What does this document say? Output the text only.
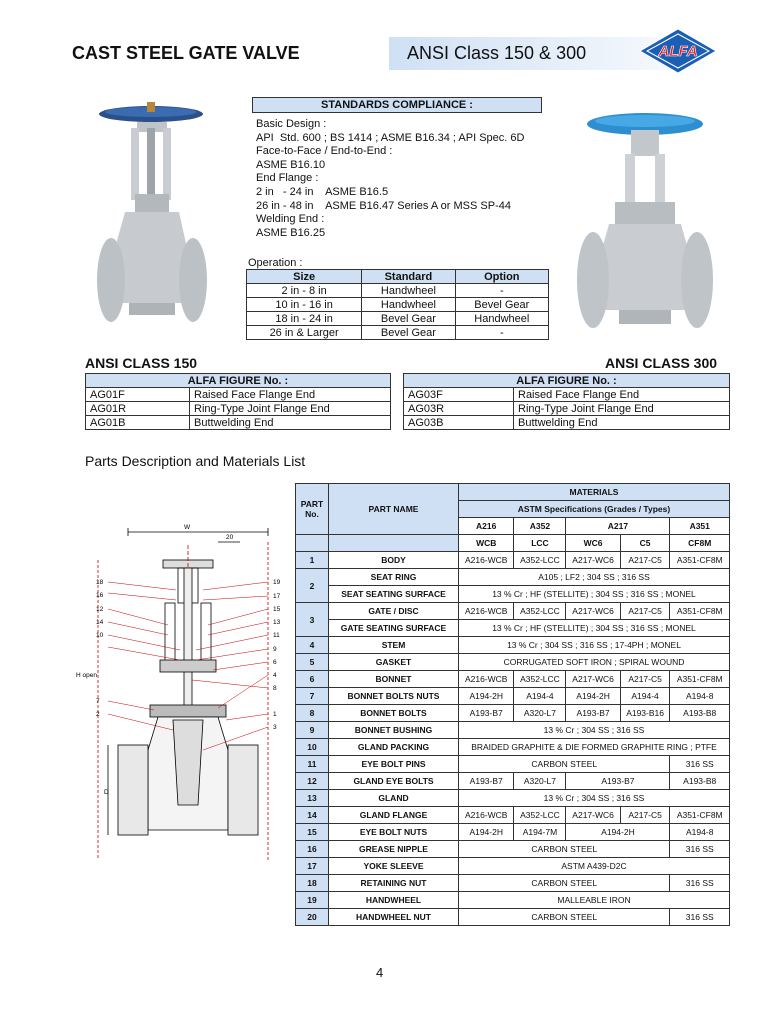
CAST STEEL GATE VALVE	ANSI Class 150 & 300	ALFA
STANDARDS COMPLIANCE :
Basic Design :
API  Std. 600 ; BS 1414 ; ASME B16.34 ; API Spec. 6D
Face-to-Face / End-to-End :
ASME B16.10
End Flange :
2 in   - 24 in    ASME B16.5
26 in - 48 in    ASME B16.47 Series A or MSS SP-44
Welding End :
ASME B16.25
Operation :
Size	Standard	Option
2 in - 8 in	Handwheel	-
10 in - 16 in	Handwheel	Bevel Gear
18 in - 24 in	Bevel Gear	Handwheel
26 in & Larger	Bevel Gear	-
ANSI CLASS 150	ANSI CLASS 300
ALFA FIGURE No. :	
AG01F	Raised Face Flange End
AG01R	Ring-Type Joint Flange End
AG01B	Buttwelding End
ALFA FIGURE No. :	
AG03F	Raised Face Flange End
AG03R	Ring-Type Joint Flange End
AG03B	Buttwelding End
Parts Description and Materials List
W
20
H open
D
18
16
12
14
10
7
2
19
17
15
13
11
9
6
4
8
1
3
PART No.	PART NAME	MATERIALS				
		ASTM Specifications (Grades / Types)				
		A216	A352	A217		A351
		WCB	LCC	WC6	C5	CF8M
1	BODY	A216-WCB	A352-LCC	A217-WC6	A217-C5	A351-CF8M
2	SEAT RING	A105 ; LF2 ; 304 SS ; 316 SS				
	SEAT SEATING SURFACE	13 % Cr ; HF (STELLITE) ; 304 SS ; 316 SS ; MONEL				
3	GATE / DISC	A216-WCB	A352-LCC	A217-WC6	A217-C5	A351-CF8M
	GATE SEATING SURFACE	13 % Cr ; HF (STELLITE) ; 304 SS ; 316 SS ; MONEL				
4	STEM	13 % Cr ; 304 SS ; 316 SS ; 17-4PH ; MONEL				
5	GASKET	CORRUGATED SOFT IRON ; SPIRAL WOUND				
6	BONNET	A216-WCB	A352-LCC	A217-WC6	A217-C5	A351-CF8M
7	BONNET BOLTS NUTS	A194-2H	A194-4	A194-2H	A194-4	A194-8
8	BONNET BOLTS	A193-B7	A320-L7	A193-B7	A193-B16	A193-B8
9	BONNET BUSHING	13 % Cr ; 304 SS ; 316 SS				
10	GLAND PACKING	BRAIDED GRAPHITE & DIE FORMED GRAPHITE RING ; PTFE				
11	EYE BOLT PINS	CARBON STEEL				316 SS
12	GLAND EYE BOLTS	A193-B7	A320-L7	A193-B7		A193-B8
13	GLAND	13 % Cr ; 304 SS ; 316 SS				
14	GLAND FLANGE	A216-WCB	A352-LCC	A217-WC6	A217-C5	A351-CF8M
15	EYE BOLT NUTS	A194-2H	A194-7M	A194-2H		A194-8
16	GREASE NIPPLE	CARBON STEEL				316 SS
17	YOKE SLEEVE	ASTM A439-D2C				
18	RETAINING NUT	CARBON STEEL				316 SS
19	HANDWHEEL	MALLEABLE IRON				
20	HANDWHEEL NUT	CARBON STEEL				316 SS
4
